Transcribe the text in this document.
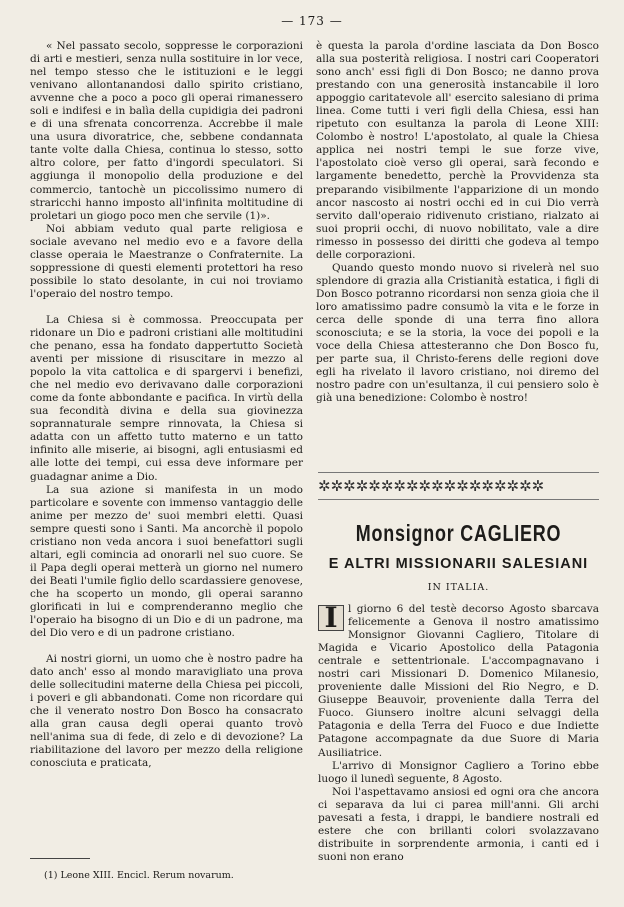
— 173 —

« Nel passato secolo, soppresse le corporazioni di arti e mestieri, senza nulla sostituire in lor vece, nel tempo stesso che le istituzioni e le leggi venivano allontanandosi dallo spirito cristiano, avvenne che a poco a poco gli operai rimanessero soli e indifesi e in balìa della cupidigia dei padroni e di una sfrenata concorrenza. Accrebbe il male una usura divoratrice, che, sebbene condannata tante volte dalla Chiesa, continua lo stesso, sotto altro colore, per fatto d'ingordi speculatori. Si aggiunga il monopolio della produzione e del commercio, tantochè un piccolissimo numero di straricchi hanno imposto all'infinita moltitudine di proletari un giogo poco men che servile (1)».

Noi abbiam veduto qual parte religiosa e sociale avevano nel medio evo e a favore della classe operaia le Maestranze o Confraternite. La soppressione di questi elementi protettori ha reso possibile lo stato desolante, in cui noi troviamo l'operaio del nostro tempo.

La Chiesa si è commossa. Preoccupata per ridonare un Dio e padroni cristiani alle moltitudini che penano, essa ha fondato dappertutto Società aventi per missione di risuscitare in mezzo al popolo la vita cattolica e di spargervi i benefizi, che nel medio evo derivavano dalle corporazioni come da fonte abbondante e pacifica. In virtù della sua fecondità divina e della sua giovinezza soprannaturale sempre rinnovata, la Chiesa si adatta con un affetto tutto materno e un tatto infinito alle miserie, ai bisogni, agli entusiasmi ed alle lotte dei tempi, cui essa deve informare per guadagnar anime a Dio.

La sua azione si manifesta in un modo particolare e sovente con immenso vantaggio delle anime per mezzo de' suoi membri eletti. Quasi sempre questi sono i Santi. Ma ancorchè il popolo cristiano non veda ancora i suoi benefattori sugli altari, egli comincia ad onorarli nel suo cuore. Se il Papa degli operai metterà un giorno nel numero dei Beati l'umile figlio dello scardassiere genovese, che ha scoperto un mondo, gli operai saranno glorificati in lui e comprenderanno meglio che l'operaio ha bisogno di un Dio e di un padrone, ma del Dio vero e di un padrone cristiano.

Ai nostri giorni, un uomo che è nostro padre ha dato anch' esso al mondo maravigliato una prova delle sollecitudini materne della Chiesa pei piccoli, i poveri e gli abbandonati. Come non ricordare qui che il venerato nostro Don Bosco ha consacrato alla gran causa degli operai quanto trovò nell'anima sua di fede, di zelo e di devozione? La riabilitazione del lavoro per mezzo della religione conosciuta e praticata,

(1) Leone XIII. Encicl. Rerum novarum.

è questa la parola d'ordine lasciata da Don Bosco alla sua posterità religiosa. I nostri cari Cooperatori sono anch' essi figli di Don Bosco; ne danno prova prestando con una generosità instancabile il loro appoggio caritatevole all' esercito salesiano di prima linea. Come tutti i veri figli della Chiesa, essi han ripetuto con esultanza la parola di Leone XIII: Colombo è nostro! L'apostolato, al quale la Chiesa applica nei nostri tempi le sue forze vive, l'apostolato cioè verso gli operai, sarà fecondo e largamente benedetto, perchè la Provvidenza sta preparando visibilmente l'apparizione di un mondo ancor nascosto ai nostri occhi ed in cui Dio verrà servito dall'operaio ridivenuto cristiano, rialzato ai suoi proprii occhi, di nuovo nobilitato, vale a dire rimesso in possesso dei diritti che godeva al tempo delle corporazioni.

Quando questo mondo nuovo si rivelerà nel suo splendore di grazia alla Cristianità estatica, i figli di Don Bosco potranno ricordarsi non senza gioia che il loro amatissimo padre consumò la vita e le forze in cerca delle sponde di una terra fino allora sconosciuta; e se la storia, la voce dei popoli e la voce della Chiesa attesteranno che Don Bosco fu, per parte sua, il Christo-ferens delle regioni dove egli ha rivelato il lavoro cristiano, noi diremo del nostro padre con un'esultanza, il cui pensiero solo è già una benedizione: Colombo è nostro!

✲✲✲✲✲✲✲✲✲✲✲✲✲✲✲✲✲✲
Monsignor CAGLIERO
E ALTRI MISSIONARII SALESIANI
IN ITALIA.

I l giorno 6 del testè decorso Agosto sbarcava felicemente a Genova il nostro amatissimo Monsignor Giovanni Cagliero, Titolare di Magida e Vicario Apostolico della Patagonia centrale e settentrionale. L'accompagnavano i nostri cari Missionari D. Domenico Milanesio, proveniente dalle Missioni del Rio Negro, e D. Giuseppe Beauvoir, proveniente dalla Terra del Fuoco. Giunsero inoltre alcuni selvaggi della Patagonia e della Terra del Fuoco e due Indiette Patagone accompagnate da due Suore di Maria Ausiliatrice.

L'arrivo di Monsignor Cagliero a Torino ebbe luogo il lunedì seguente, 8 Agosto.

Noi l'aspettavamo ansiosi ed ogni ora che ancora ci separava da lui ci parea mill'anni. Gli archi pavesati a festa, i drappi, le bandiere nostrali ed estere che con brillanti colori svolazzavano distribuite in sorprendente armonia, i canti ed i suoni non erano
